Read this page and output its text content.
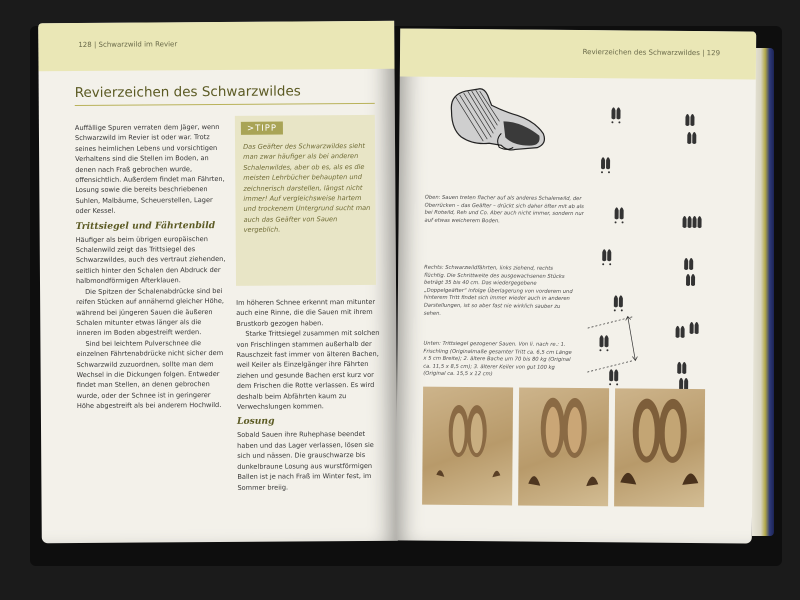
128 | Schwarzwild im Revier
Revierzeichen des Schwarzwildes

Auffällige Spuren verraten dem Jäger, wenn Schwarzwild im Revier ist oder war. Trotz seines heimlichen Lebens und vorsichtigen Verhaltens sind die Stellen im Boden, an denen nach Fraß gebrochen wurde, offensichtlich. Außerdem findet man Fährten, Losung sowie die bereits beschriebenen Suhlen, Malbäume, Scheuerstellen, Lager oder Kessel.

Trittsiegel und Fährtenbild

Häufiger als beim übrigen europäischen Schalenwild zeigt das Trittsiegel des Schwarzwildes, auch des vertraut ziehenden, seitlich hinter den Schalen den Abdruck der halbmondförmigen Afterklauen.

Die Spitzen der Schalenabdrücke sind bei reifen Stücken auf annähernd gleicher Höhe, während bei jüngeren Sauen die äußeren Schalen mitunter etwas länger als die inneren im Boden abgestreift werden.

Sind bei leichtem Pulverschnee die einzelnen Fährtenabdrücke nicht sicher dem Schwarzwild zuzuordnen, sollte man dem Wechsel in die Dickungen folgen. Entweder findet man Stellen, an denen gebrochen wurde, oder der Schnee ist in geringerer Höhe abgestreift als bei anderem Hochwild.

>TIPP
Das Geäfter des Schwarzwildes sieht man zwar häufiger als bei anderen Schalenwildes, aber ob es, als es die meisten Lehrbücher behaupten und zeichnerisch darstellen, längst nicht immer! Auf vergleichsweise hartem und trockenem Untergrund sucht man auch das Geäfter von Sauen vergeblich.

Im höheren Schnee erkennt man mitunter auch eine Rinne, die die Sauen mit ihrem Brustkorb gezogen haben.

Starke Trittsiegel zusammen mit solchen von Frischlingen stammen außerhalb der Rauschzeit fast immer von älteren Bachen, weil Keiler als Einzelgänger ihre Fährten ziehen und gesunde Bachen erst kurz vor dem Frischen die Rotte verlassen. Es wird deshalb beim Abfährten kaum zu Verwechslungen kommen.

Losung

Sobald Sauen ihre Ruhephase beendet haben und das Lager verlassen, lösen sie sich und nässen. Die grauschwarze bis dunkelbraune Losung aus wurstförmigen Ballen ist je nach Fraß im Winter fest, im Sommer breiig.

Revierzeichen des Schwarzwildes | 129
Oben: Sauen treten flacher auf als anderes Schalenwild, der Oberrücken – das Geäfter – drückt sich daher öfter mit ab als bei Rotwild, Reh und Co. Aber auch nicht immer, sondern nur auf etwas weicherem Boden.
Rechts: Schwarzwildfährten, links ziehend, rechts flüchtig. Die Schrittweite des ausgewachsenen Stücks beträgt 35 bis 40 cm. Das wiedergegebene „Doppelgeäfter“ infolge Überlagerung von vorderem und hinterem Tritt findet sich immer wieder auch in anderen Darstellungen, ist so aber fast nie wirklich sauber zu sehen.
Unten: Trittsiegel gezogener Sauen. Von li. nach re.: 1. Frischling (Originalmaße gesamter Tritt ca. 6,5 cm Länge x 5 cm Breite); 2. ältere Bache um 70 bis 80 kg (Original ca. 11,5 x 8,5 cm); 3. älterer Keiler von gut 100 kg (Original ca. 15,5 x 12 cm)
